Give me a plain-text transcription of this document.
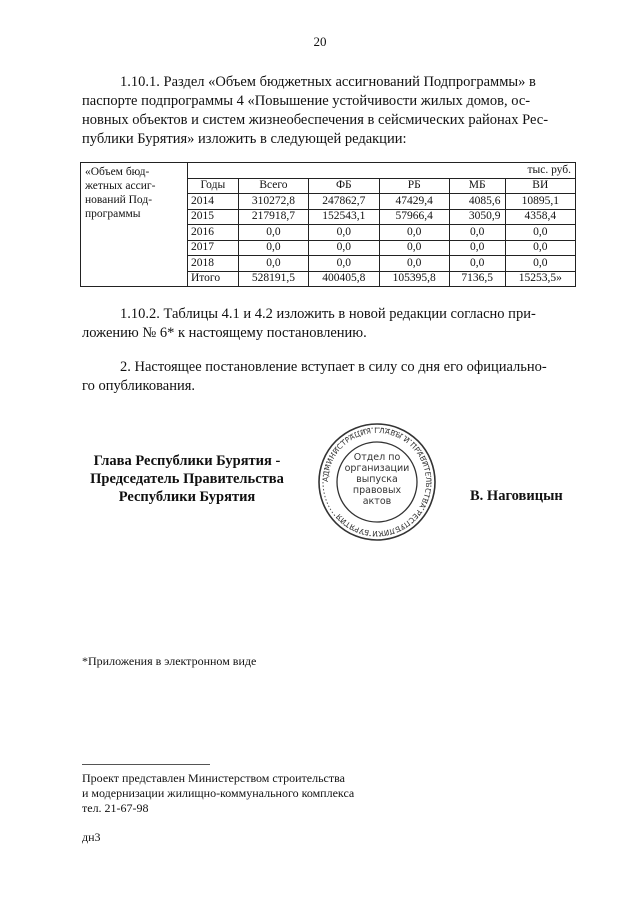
20

1.10.1. Раздел «Объем бюджетных ассигнований Подпрограммы» в

паспорте подпрограммы 4 «Повышение устойчивости жилых домов, ос-

новных объектов и систем жизнеобеспечения в сейсмических районах Рес-

публики Бурятия» изложить в следующей редакции:

«Объем бюд-
жетных ассиг-
нований Под-
программы	тыс. руб.					
	Годы	Всего	ФБ	РБ	МБ	ВИ
	2014	310272,8	247862,7	47429,4	4085,6	10895,1
	2015	217918,7	152543,1	57966,4	3050,9	4358,4
	2016	0,0	0,0	0,0	0,0	0,0
	2017	0,0	0,0	0,0	0,0	0,0
	2018	0,0	0,0	0,0	0,0	0,0
	Итого	528191,5	400405,8	105395,8	7136,5	15253,5»

1.10.2. Таблицы 4.1 и 4.2 изложить в новой редакции согласно при-

ложению № 6* к настоящему постановлению.

2. Настоящее постановление вступает в силу со дня его официально-

го опубликования.

Глава Республики Бурятия -
Председатель Правительства
Республики Бурятия
АДМИНИСТРАЦИЯ ГЛАВЫ И ПРАВИТЕЛЬСТВА РЕСПУБЛИКИ БУРЯТИЯ
Отдел по
организации
выпуска
правовых
актов	В. Наговицын
*Приложения в электронном виде
Проект представлен Министерством строительства
и модернизации жилищно-коммунального комплекса
тел. 21-67-98
дн3
